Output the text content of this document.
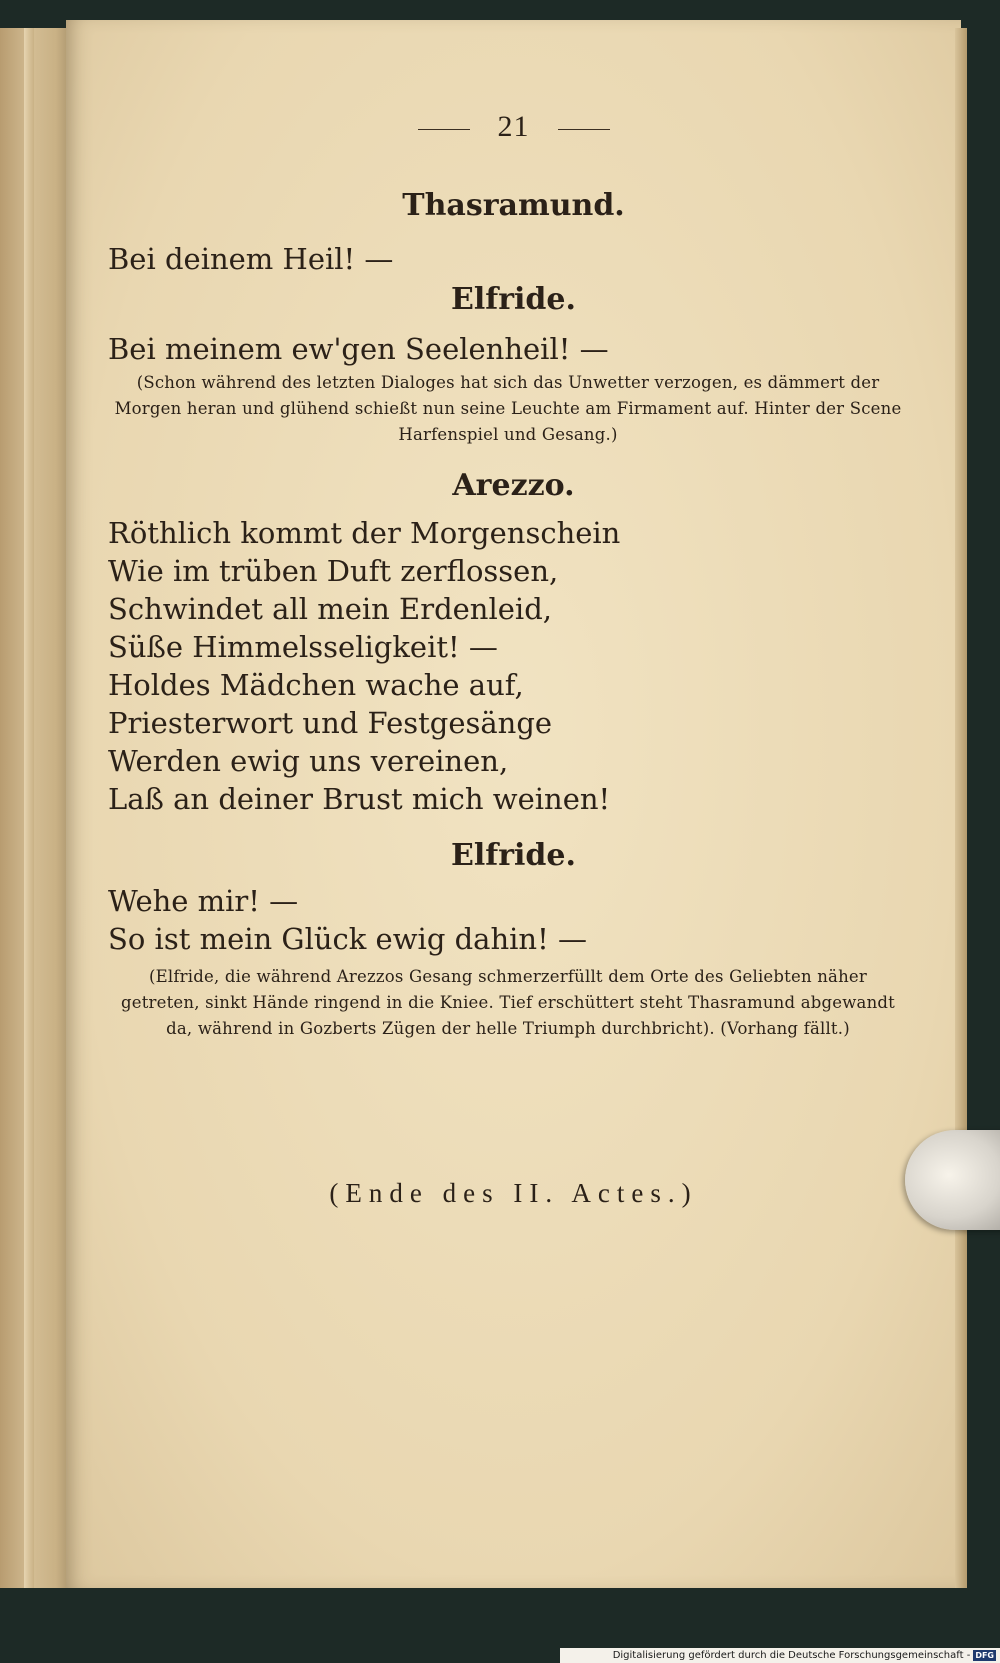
21
Thasramund.
Bei deinem Heil! —
Elfride.
Bei meinem ew'gen Seelenheil! —
(Schon während des letzten Dialoges hat sich das Unwetter verzogen, es dämmert der Morgen heran und glühend schießt nun seine Leuchte am Firmament auf. Hinter der Scene Harfenspiel und Gesang.)
Arezzo.
Röthlich kommt der Morgenschein
Wie im trüben Duft zerflossen,
Schwindet all mein Erdenleid,
Süße Himmelsseligkeit! —
Holdes Mädchen wache auf,
Priesterwort und Festgesänge
Werden ewig uns vereinen,
Laß an deiner Brust mich weinen!
Elfride.
Wehe mir! —
So ist mein Glück ewig dahin! —
(Elfride, die während Arezzos Gesang schmerzerfüllt dem Orte des Geliebten näher getreten, sinkt Hände ringend in die Kniee. Tief erschüttert steht Thasramund abgewandt da, während in Gozberts Zügen der helle Triumph durchbricht). (Vorhang fällt.)
(Ende des II. Actes.)
Digitalisierung gefördert durch die Deutsche Forschungsgemeinschaft - DFG
